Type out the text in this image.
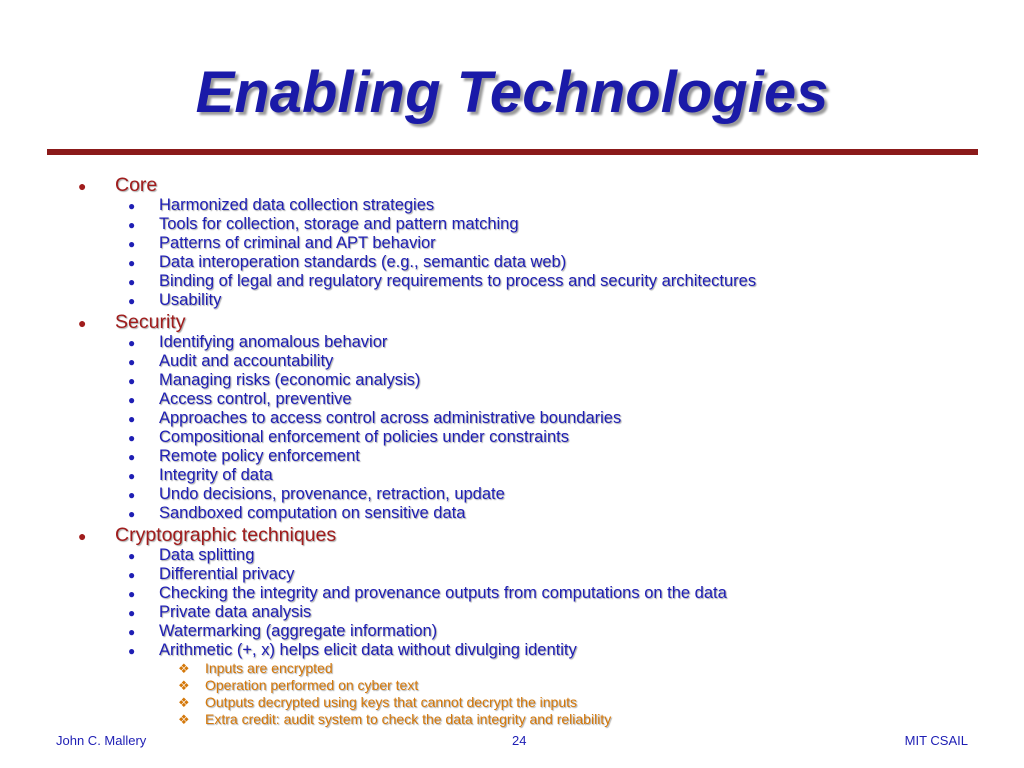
Enabling Technologies
● Core
● Harmonized data collection strategies
● Tools for collection, storage and pattern matching
● Patterns of criminal and APT behavior
● Data interoperation standards (e.g., semantic data web)
● Binding of legal and regulatory requirements to process and security architectures
● Usability
● Security
● Identifying anomalous behavior
● Audit and accountability
● Managing risks (economic analysis)
● Access control, preventive
● Approaches to access control across administrative boundaries
● Compositional enforcement of policies under constraints
● Remote policy enforcement
● Integrity of data
● Undo decisions, provenance, retraction, update
● Sandboxed computation on sensitive data
● Cryptographic techniques
● Data splitting
● Differential privacy
● Checking the integrity and provenance outputs from computations on the data
● Private data analysis
● Watermarking (aggregate information)
● Arithmetic (+, x) helps elicit data without divulging identity
❖ Inputs are encrypted
❖ Operation performed on cyber text
❖ Outputs decrypted using keys that cannot decrypt the inputs
❖ Extra credit: audit system to check the data integrity and reliability
John C. Mallery	24	MIT CSAIL
